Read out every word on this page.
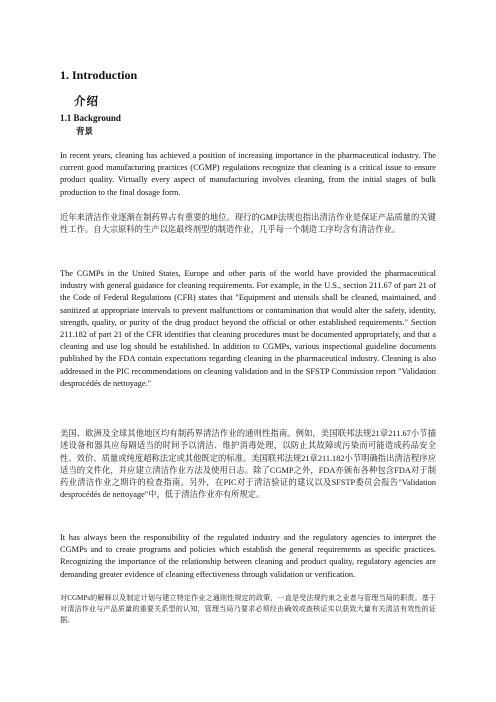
1. Introduction
介绍
1.1 Background
背景

In recent years, cleaning has achieved a position of increasing importance in the pharmaceutical industry. The current good manufacturing practices (CGMP) regulations recognize that cleaning is a critical issue to ensure product quality. Virtually every aspect of manufacturing involves cleaning, from the initial stages of bulk production to the final dosage form.

近年来清洁作业逐渐在制药界占有重要的地位。现行的GMP法规也指出清洁作业是保证产品质量的关键性工作。自大宗原料的生产以迄最终剂型的制造作业，几乎每一个制造工序均含有清洁作业。

The CGMPs in the United States, Europe and other parts of the world have provided the pharmaceutical industry with general guidance for cleaning requirements. For example, in the U.S., section 211.67 of part 21 of the Code of Federal Regulations (CFR) states that "Equipment and utensils shall be cleaned, maintained, and sanitized at appropriate intervals to prevent malfunctions or contamination that would alter the safety, identity, strength, quality, or purity of the drug product beyond the official or other established requirements." Section 211.182 of part 21 of the CFR identifies that cleaning procedures must be documented appropriately, and that a cleaning and use log should be established. In addition to CGMPs, various inspectional guideline documents published by the FDA contain expectations regarding cleaning in the pharmaceutical industry. Cleaning is also addressed in the PIC recommendations on cleaning validation and in the SFSTP Commission report "Validation desprocédés de nettoyage."

美国、欧洲及全球其他地区均有制药界清洁作业的通则性指南。例如，美国联邦法规21章211.67小节描述设备和器具应每隔适当的时间予以清洁、维护消毒处理，以防止其故障或污染而可能造成药品安全性、效价、质量或纯度超称法定或其他既定的标准。美国联邦法规21章211.182小节明确指出清洁程序应适当的文件化，并应建立清洁作业方法及使用日志。除了CGMP之外，FDA亦颁布各种包含FDA对于制药业清洁作业之期许的检查指南。另外，在PIC对于清洁验证的建议以及SFSTP委员会报告"Validation desprocédés de nettoyage"中，低于清洁作业亦有所规定。

It has always been the responsibility of the regulated industry and the regulatory agencies to interpret the CGMPs and to create programs and policies which establish the general requirements as specific practices. Recognizing the importance of the relationship between cleaning and product quality, regulatory agencies are demanding greater evidence of cleaning effectiveness through validation or verification.

对CGMPs的解释以及制定计划与建立特定作业之通则性规定的政策，一直是受法规约束之业者与管理当局的职责。基于对清洁作业与产品质量的重要关系型的认知，管理当局乃要求必须经由确效或查核证实以获致大量有关清洁有效性的证据。
